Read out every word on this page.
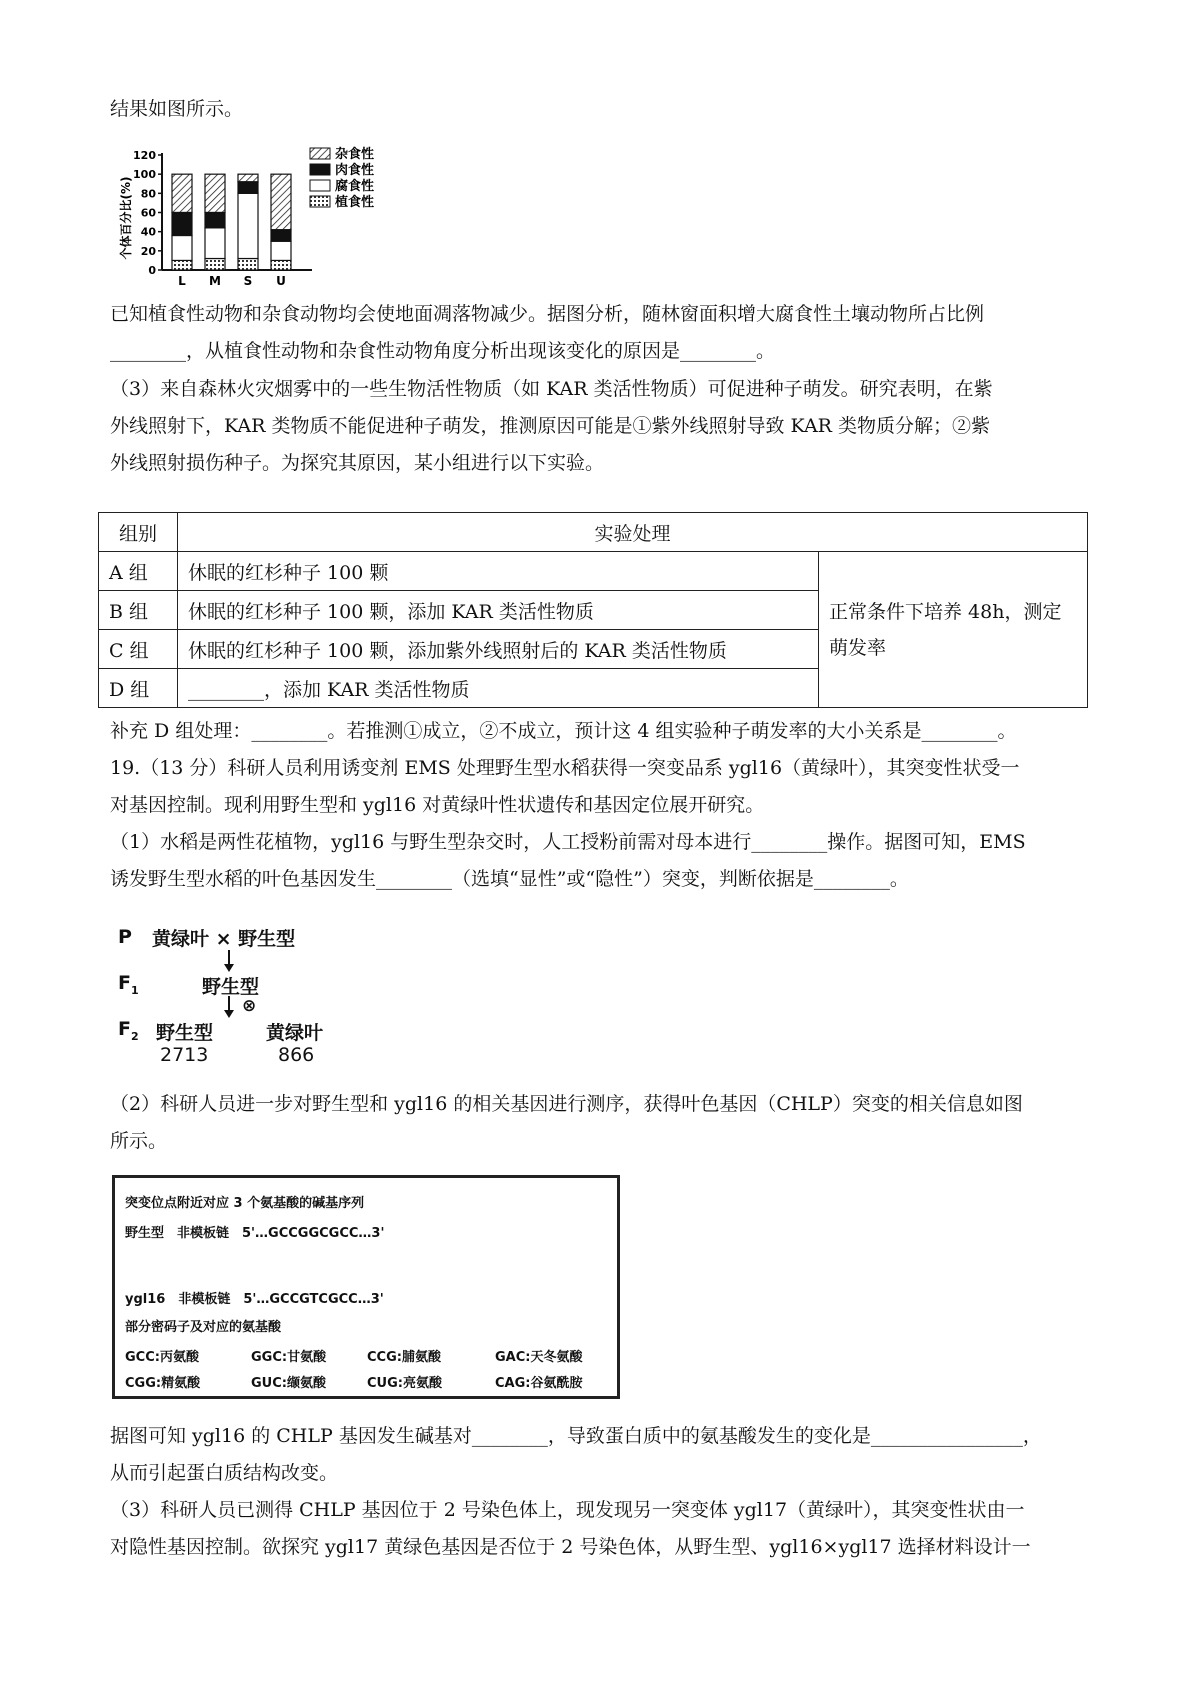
结果如图所示。
0
20
40
60
80
100
120
L M S U
杂食性
肉食性
腐食性
植食性
个体百分比(%)
已知植食性动物和杂食动物均会使地面凋落物减少。据图分析，随林窗面积增大腐食性土壤动物所占比例
________，从植食性动物和杂食性动物角度分析出现该变化的原因是________。
（3）来自森林火灾烟雾中的一些生物活性物质（如 KAR 类活性物质）可促进种子萌发。研究表明，在紫
外线照射下，KAR 类物质不能促进种子萌发，推测原因可能是①紫外线照射导致 KAR 类物质分解；②紫
外线照射损伤种子。为探究其原因，某小组进行以下实验。
组别	实验处理	
A 组	休眠的红杉种子 100 颗	正常条件下培养 48h，测定萌发率
B 组	休眠的红杉种子 100 颗，添加 KAR 类活性物质	
C 组	休眠的红杉种子 100 颗，添加紫外线照射后的 KAR 类活性物质	
D 组	________，添加 KAR 类活性物质	
补充 D 组处理：________。若推测①成立，②不成立，预计这 4 组实验种子萌发率的大小关系是________。
19.（13 分）科研人员利用诱变剂 EMS 处理野生型水稻获得一突变品系 ygl16（黄绿叶），其突变性状受一
对基因控制。现利用野生型和 ygl16 对黄绿叶性状遗传和基因定位展开研究。
（1）水稻是两性花植物，ygl16 与野生型杂交时，人工授粉前需对母本进行________操作。据图可知，EMS
诱发野生型水稻的叶色基因发生________（选填“显性”或“隐性”）突变，判断依据是________。
P 黄绿叶 × 野生型
$F_1$	野生型
⊗
$F_2$ 野生型	黄绿叶
2713	866
（2）科研人员进一步对野生型和 ygl16 的相关基因进行测序，获得叶色基因（CHLP）突变的相关信息如图
所示。
突变位点附近对应 3 个氨基酸的碱基序列
野生型　非模板链　5'…GCCGGCGCC…3'
ygl16　非模板链　5'…GCCGTCGCC…3'
部分密码子及对应的氨基酸
GCC:丙氨酸	GGC:甘氨酸	CCG:脯氨酸	GAC:天冬氨酸
CGG:精氨酸	GUC:缬氨酸	CUG:亮氨酸	CAG:谷氨酰胺
据图可知 ygl16 的 CHLP 基因发生碱基对________，导致蛋白质中的氨基酸发生的变化是________________，
从而引起蛋白质结构改变。
（3）科研人员已测得 CHLP 基因位于 2 号染色体上，现发现另一突变体 ygl17（黄绿叶），其突变性状由一
对隐性基因控制。欲探究 ygl17 黄绿色基因是否位于 2 号染色体，从野生型、ygl16×ygl17 选择材料设计一
